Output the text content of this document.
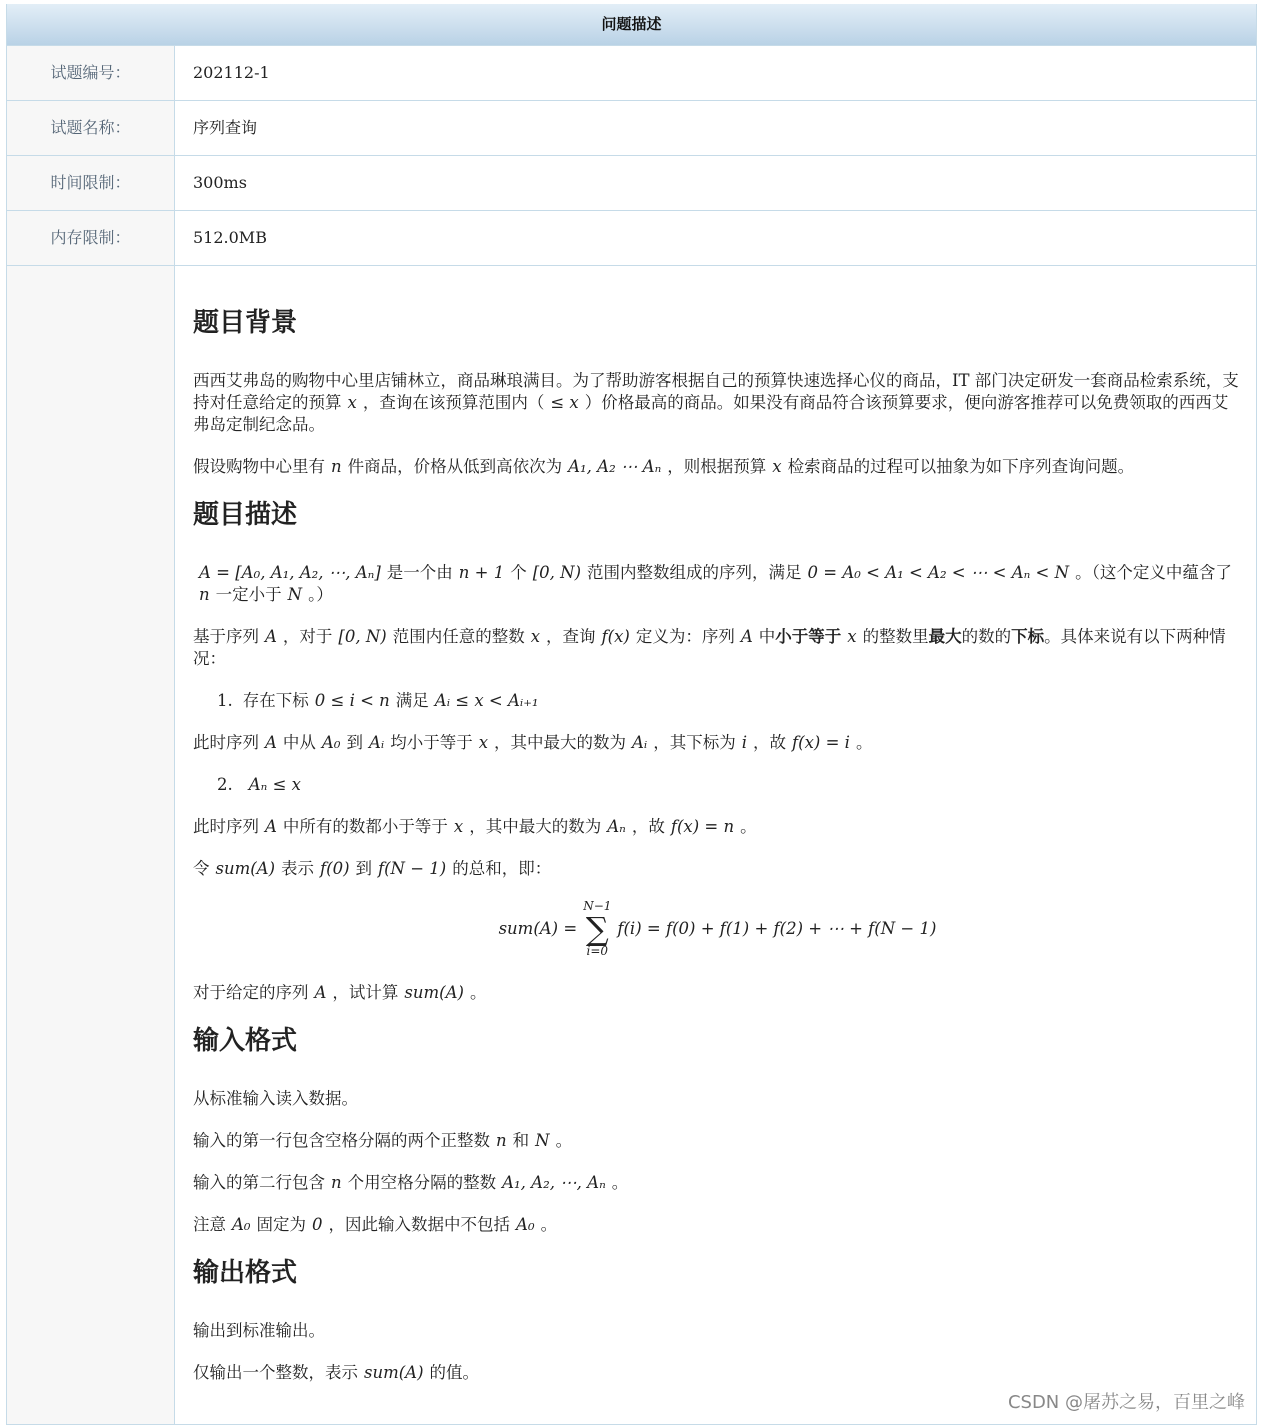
问题描述
试题编号：	202112-1
试题名称：	序列查询
时间限制：	300ms
内存限制：	512.0MB
题目背景

西西艾弗岛的购物中心里店铺林立，商品琳琅满目。为了帮助游客根据自己的预算快速选择心仪的商品，IT 部门决定研发一套商品检索系统，支持对任意给定的预算 x ，查询在该预算范围内（ ≤ x ）价格最高的商品。如果没有商品符合该预算要求，便向游客推荐可以免费领取的西西艾弗岛定制纪念品。

假设购物中心里有 n 件商品，价格从低到高依次为 A₁, A₂ ⋯ Aₙ ，则根据预算 x 检索商品的过程可以抽象为如下序列查询问题。

题目描述

A = [A₀, A₁, A₂, ⋯, Aₙ] 是一个由 n + 1 个 [0, N) 范围内整数组成的序列，满足 0 = A₀ < A₁ < A₂ < ⋯ < Aₙ < N 。（这个定义中蕴含了n 一定小于 N 。）

基于序列 A ，对于 [0, N) 范围内任意的整数 x ，查询 f(x) 定义为：序列 A 中小于等于 x 的整数里最大的数的下标。具体来说有以下两种情况：

1. 存在下标 0 ≤ i < n 满足 Aᵢ ≤ x < Aᵢ₊₁

此时序列 A 中从 A₀ 到 Aᵢ 均小于等于 x ，其中最大的数为 Aᵢ ，其下标为 i ，故 f(x) = i 。

2. Aₙ ≤ x

此时序列 A 中所有的数都小于等于 x ，其中最大的数为 Aₙ ，故 f(x) = n 。

令 sum(A) 表示 f(0) 到 f(N − 1) 的总和，即：

sum(A) =
N−1
∑
i=0
f(i) = f(0) + f(1) + f(2) + ⋯ + f(N − 1)

对于给定的序列 A ，试计算 sum(A) 。

输入格式

从标准输入读入数据。

输入的第一行包含空格分隔的两个正整数 n 和 N 。

输入的第二行包含 n 个用空格分隔的整数 A₁, A₂, ⋯, Aₙ 。

注意 A₀ 固定为 0 ，因此输入数据中不包括 A₀ 。

输出格式

输出到标准输出。

仅输出一个整数，表示 sum(A) 的值。

CSDN @屠苏之易，百里之峰
